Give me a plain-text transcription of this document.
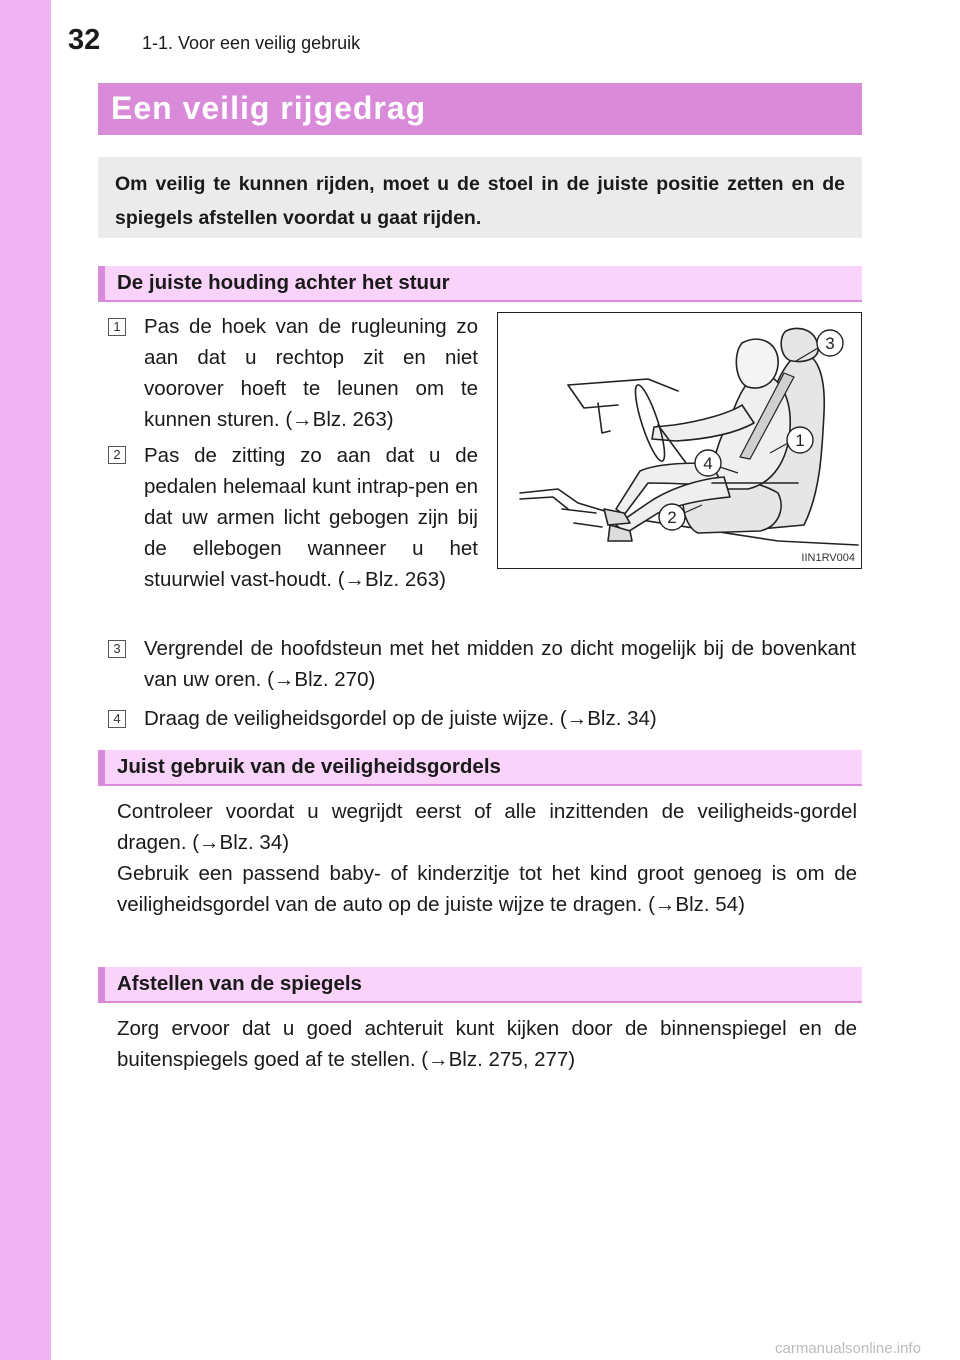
32 1-1. Voor een veilig gebruik
Een veilig rijgedrag
Om veilig te kunnen rijden, moet u de stoel in de juiste positie zetten en de spiegels afstellen voordat u gaat rijden.
De juiste houding achter het stuur
1 Pas de hoek van de rugleuning zo aan dat u rechtop zit en niet voorover hoeft te leunen om te kunnen sturen. (→Blz. 263)
2 Pas de zitting zo aan dat u de pedalen helemaal kunt intrap-pen en dat uw armen licht gebogen zijn bij de ellebogen wanneer u het stuurwiel vast-houdt. (→Blz. 263)
3 Vergrendel de hoofdsteun met het midden zo dicht mogelijk bij de bovenkant van uw oren. (→Blz. 270)
4 Draag de veiligheidsgordel op de juiste wijze. (→Blz. 34)
3
1
4
2
IIN1RV004
Juist gebruik van de veiligheidsgordels
Controleer voordat u wegrijdt eerst of alle inzittenden de veiligheids-gordel dragen. (→Blz. 34)
Gebruik een passend baby- of kinderzitje tot het kind groot genoeg is om de veiligheidsgordel van de auto op de juiste wijze te dragen. (→Blz. 54)
Afstellen van de spiegels
Zorg ervoor dat u goed achteruit kunt kijken door de binnenspiegel en de buitenspiegels goed af te stellen. (→Blz. 275, 277)
carmanualsonline.info
